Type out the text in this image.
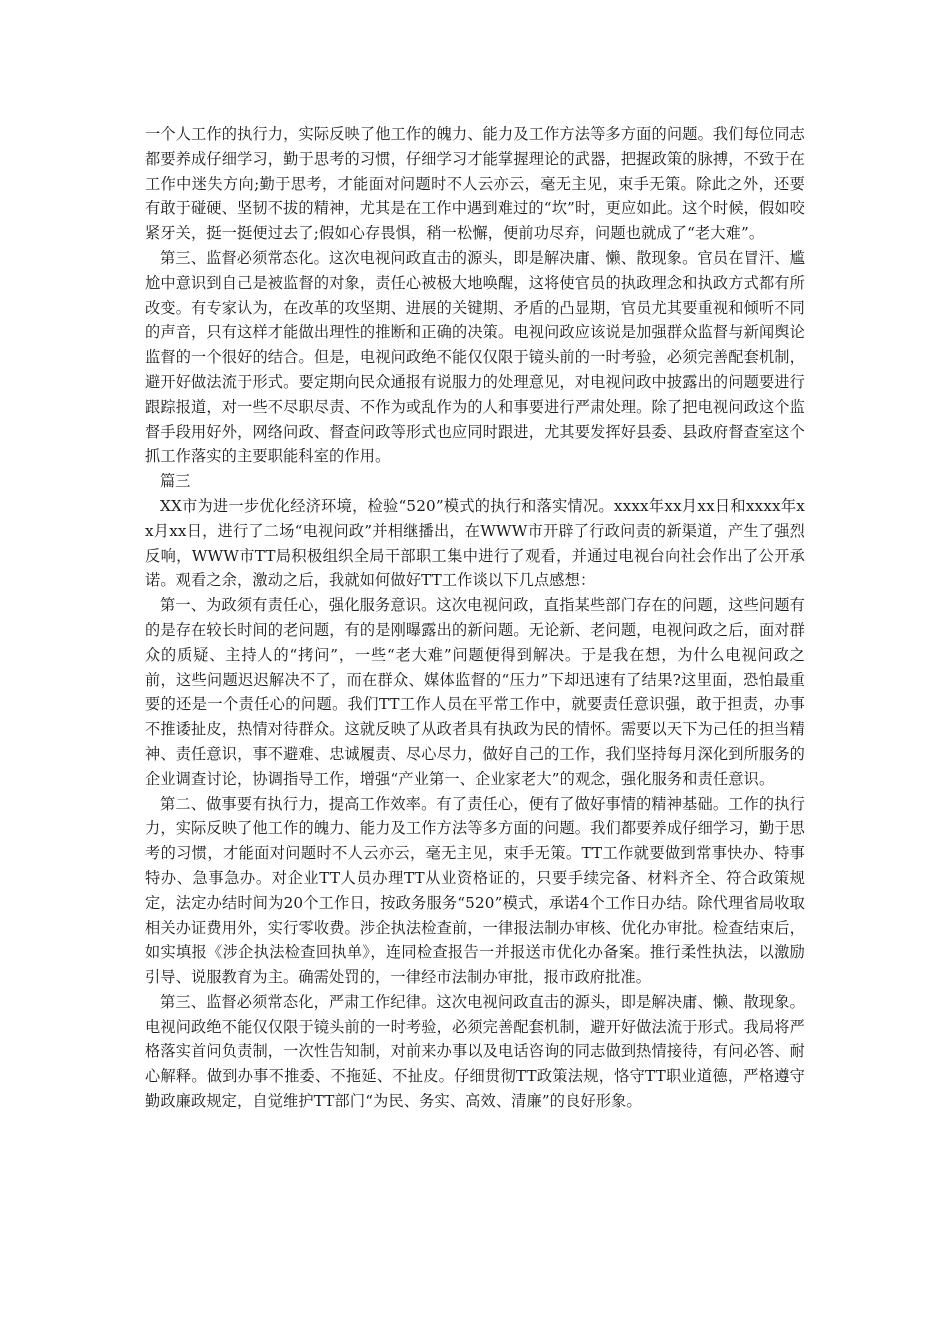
一个人工作的执行力，实际反映了他工作的魄力、能力及工作方法等多方面的问题。我们每位同志都要养成仔细学习，勤于思考的习惯，仔细学习才能掌握理论的武器，把握政策的脉搏，不致于在工作中迷失方向;勤于思考，才能面对问题时不人云亦云，毫无主见，束手无策。除此之外，还要有敢于碰硬、坚韧不拔的精神，尤其是在工作中遇到难过的“坎”时，更应如此。这个时候，假如咬紧牙关，挺一挺便过去了;假如心存畏惧，稍一松懈，便前功尽弃，问题也就成了“老大难”。

第三、监督必须常态化。这次电视问政直击的源头，即是解决庸、懒、散现象。官员在冒汗、尴尬中意识到自己是被监督的对象，责任心被极大地唤醒，这将使官员的执政理念和执政方式都有所改变。有专家认为，在改革的攻坚期、进展的关键期、矛盾的凸显期，官员尤其要重视和倾听不同的声音，只有这样才能做出理性的推断和正确的决策。电视问政应该说是加强群众监督与新闻舆论监督的一个很好的结合。但是，电视问政绝不能仅仅限于镜头前的一时考验，必须完善配套机制，避开好做法流于形式。要定期向民众通报有说服力的处理意见，对电视问政中披露出的问题要进行跟踪报道，对一些不尽职尽责、不作为或乱作为的人和事要进行严肃处理。除了把电视问政这个监督手段用好外，网络问政、督查问政等形式也应同时跟进，尤其要发挥好县委、县政府督查室这个抓工作落实的主要职能科室的作用。

篇三

XX市为进一步优化经济环境，检验“520”模式的执行和落实情况。xxxx年xx月xx日和xxxx年xx月xx日，进行了二场“电视问政”并相继播出，在WWW市开辟了行政问责的新渠道，产生了强烈反响，WWW市TT局积极组织全局干部职工集中进行了观看，并通过电视台向社会作出了公开承诺。观看之余，激动之后，我就如何做好TT工作谈以下几点感想：

第一、为政须有责任心，强化服务意识。这次电视问政，直指某些部门存在的问题，这些问题有的是存在较长时间的老问题，有的是刚曝露出的新问题。无论新、老问题，电视问政之后，面对群众的质疑、主持人的“拷问”，一些“老大难”问题便得到解决。于是我在想，为什么电视问政之前，这些问题迟迟解决不了，而在群众、媒体监督的“压力”下却迅速有了结果?这里面，恐怕最重要的还是一个责任心的问题。我们TT工作人员在平常工作中，就要责任意识强，敢于担责，办事不推诿扯皮，热情对待群众。这就反映了从政者具有执政为民的情怀。需要以天下为己任的担当精神、责任意识，事不避难、忠诚履责、尽心尽力，做好自己的工作，我们坚持每月深化到所服务的企业调查讨论，协调指导工作，增强“产业第一、企业家老大”的观念，强化服务和责任意识。

第二、做事要有执行力，提高工作效率。有了责任心，便有了做好事情的精神基础。工作的执行力，实际反映了他工作的魄力、能力及工作方法等多方面的问题。我们都要养成仔细学习，勤于思考的习惯，才能面对问题时不人云亦云，毫无主见，束手无策。TT工作就要做到常事快办、特事特办、急事急办。对企业TT人员办理TT从业资格证的，只要手续完备、材料齐全、符合政策规定，法定办结时间为20个工作日，按政务服务“520”模式，承诺4个工作日办结。除代理省局收取相关办证费用外，实行零收费。涉企执法检查前，一律报法制办审核、优化办审批。检查结束后，如实填报《涉企执法检查回执单》，连同检查报告一并报送市优化办备案。推行柔性执法，以激励引导、说服教育为主。确需处罚的，一律经市法制办审批，报市政府批准。

第三、监督必须常态化，严肃工作纪律。这次电视问政直击的源头，即是解决庸、懒、散现象。电视问政绝不能仅仅限于镜头前的一时考验，必须完善配套机制，避开好做法流于形式。我局将严格落实首问负责制，一次性告知制，对前来办事以及电话咨询的同志做到热情接待，有问必答、耐心解释。做到办事不推委、不拖延、不扯皮。仔细贯彻TT政策法规，恪守TT职业道德，严格遵守勤政廉政规定，自觉维护TT部门“为民、务实、高效、清廉”的良好形象。
